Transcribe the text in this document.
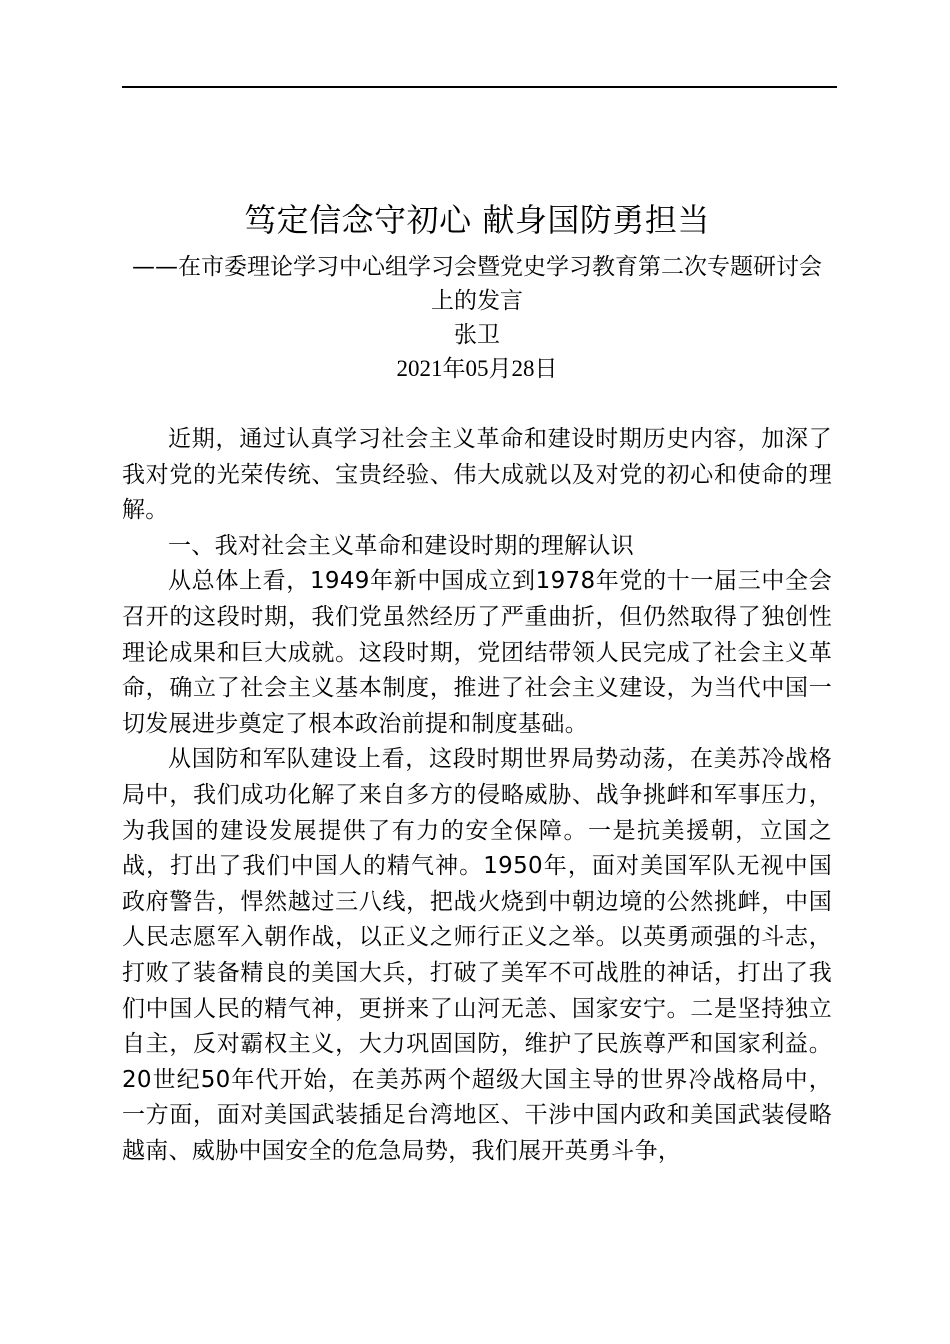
笃定信念守初心 献身国防勇担当

——在市委理论学习中心组学习会暨党史学习教育第二次专题研讨会上的发言

张卫

2021年05月28日

近期，通过认真学习社会主义革命和建设时期历史内容，加深了我对党的光荣传统、宝贵经验、伟大成就以及对党的初心和使命的理解。

一、我对社会主义革命和建设时期的理解认识

从总体上看，1949年新中国成立到1978年党的十一届三中全会召开的这段时期，我们党虽然经历了严重曲折，但仍然取得了独创性理论成果和巨大成就。这段时期，党团结带领人民完成了社会主义革命，确立了社会主义基本制度，推进了社会主义建设，为当代中国一切发展进步奠定了根本政治前提和制度基础。

从国防和军队建设上看，这段时期世界局势动荡，在美苏冷战格局中，我们成功化解了来自多方的侵略威胁、战争挑衅和军事压力，为我国的建设发展提供了有力的安全保障。一是抗美援朝，立国之战，打出了我们中国人的精气神。1950年，面对美国军队无视中国政府警告，悍然越过三八线，把战火烧到中朝边境的公然挑衅，中国人民志愿军入朝作战，以正义之师行正义之举。以英勇顽强的斗志，打败了装备精良的美国大兵，打破了美军不可战胜的神话，打出了我们中国人民的精气神，更拼来了山河无恙、国家安宁。二是坚持独立自主，反对霸权主义，大力巩固国防，维护了民族尊严和国家利益。20世纪50年代开始，在美苏两个超级大国主导的世界冷战格局中，一方面，面对美国武装插足台湾地区、干涉中国内政和美国武装侵略越南、威胁中国安全的危急局势，我们展开英勇斗争，
